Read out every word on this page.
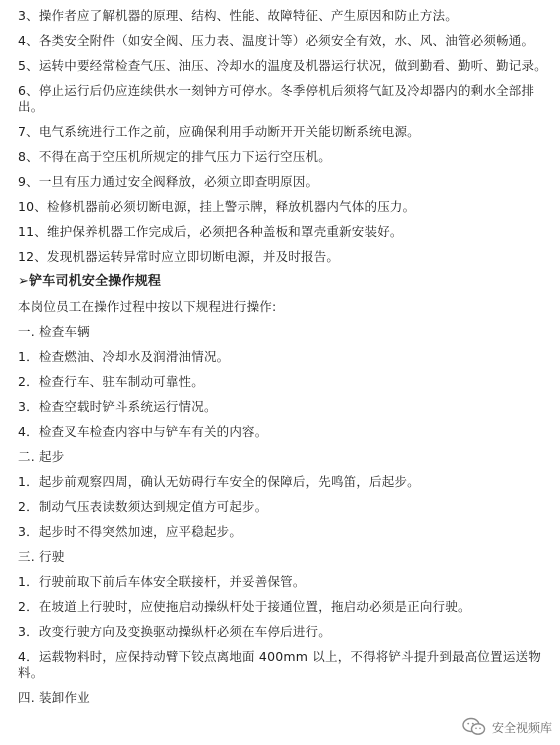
3、操作者应了解机器的原理、结构、性能、故障特征、产生原因和防止方法。
4、各类安全附件（如安全阀、压力表、温度计等）必须安全有效，水、风、油管必须畅通。
5、运转中要经常检查气压、油压、冷却水的温度及机器运行状况，做到勤看、勤听、勤记录。
6、停止运行后仍应连续供水一刻钟方可停水。冬季停机后须将气缸及冷却器内的剩水全部排出。
7、电气系统进行工作之前，应确保利用手动断开开关能切断系统电源。
8、不得在高于空压机所规定的排气压力下运行空压机。
9、一旦有压力通过安全阀释放，必须立即查明原因。
10、检修机器前必须切断电源，挂上警示牌，释放机器内气体的压力。
11、维护保养机器工作完成后，必须把各种盖板和罩壳重新安装好。
12、发现机器运转异常时应立即切断电源，并及时报告。
➢铲车司机安全操作规程
本岗位员工在操作过程中按以下规程进行操作:
一. 检查车辆
1．检查燃油、冷却水及润滑油情况。
2．检查行车、驻车制动可靠性。
3．检查空载时铲斗系统运行情况。
4．检查叉车检查内容中与铲车有关的内容。
二. 起步
1．起步前观察四周，确认无妨碍行车安全的保障后，先鸣笛，后起步。
2．制动气压表读数须达到规定值方可起步。
3．起步时不得突然加速，应平稳起步。
三. 行驶
1．行驶前取下前后车体安全联接杆，并妥善保管。
2．在坡道上行驶时，应使拖启动操纵杆处于接通位置，拖启动必须是正向行驶。
3．改变行驶方向及变换驱动操纵杆必须在车停后进行。
4．运载物料时，应保持动臂下铰点离地面 400mm 以上，不得将铲斗提升到最高位置运送物料。
四. 装卸作业
安全视频库
